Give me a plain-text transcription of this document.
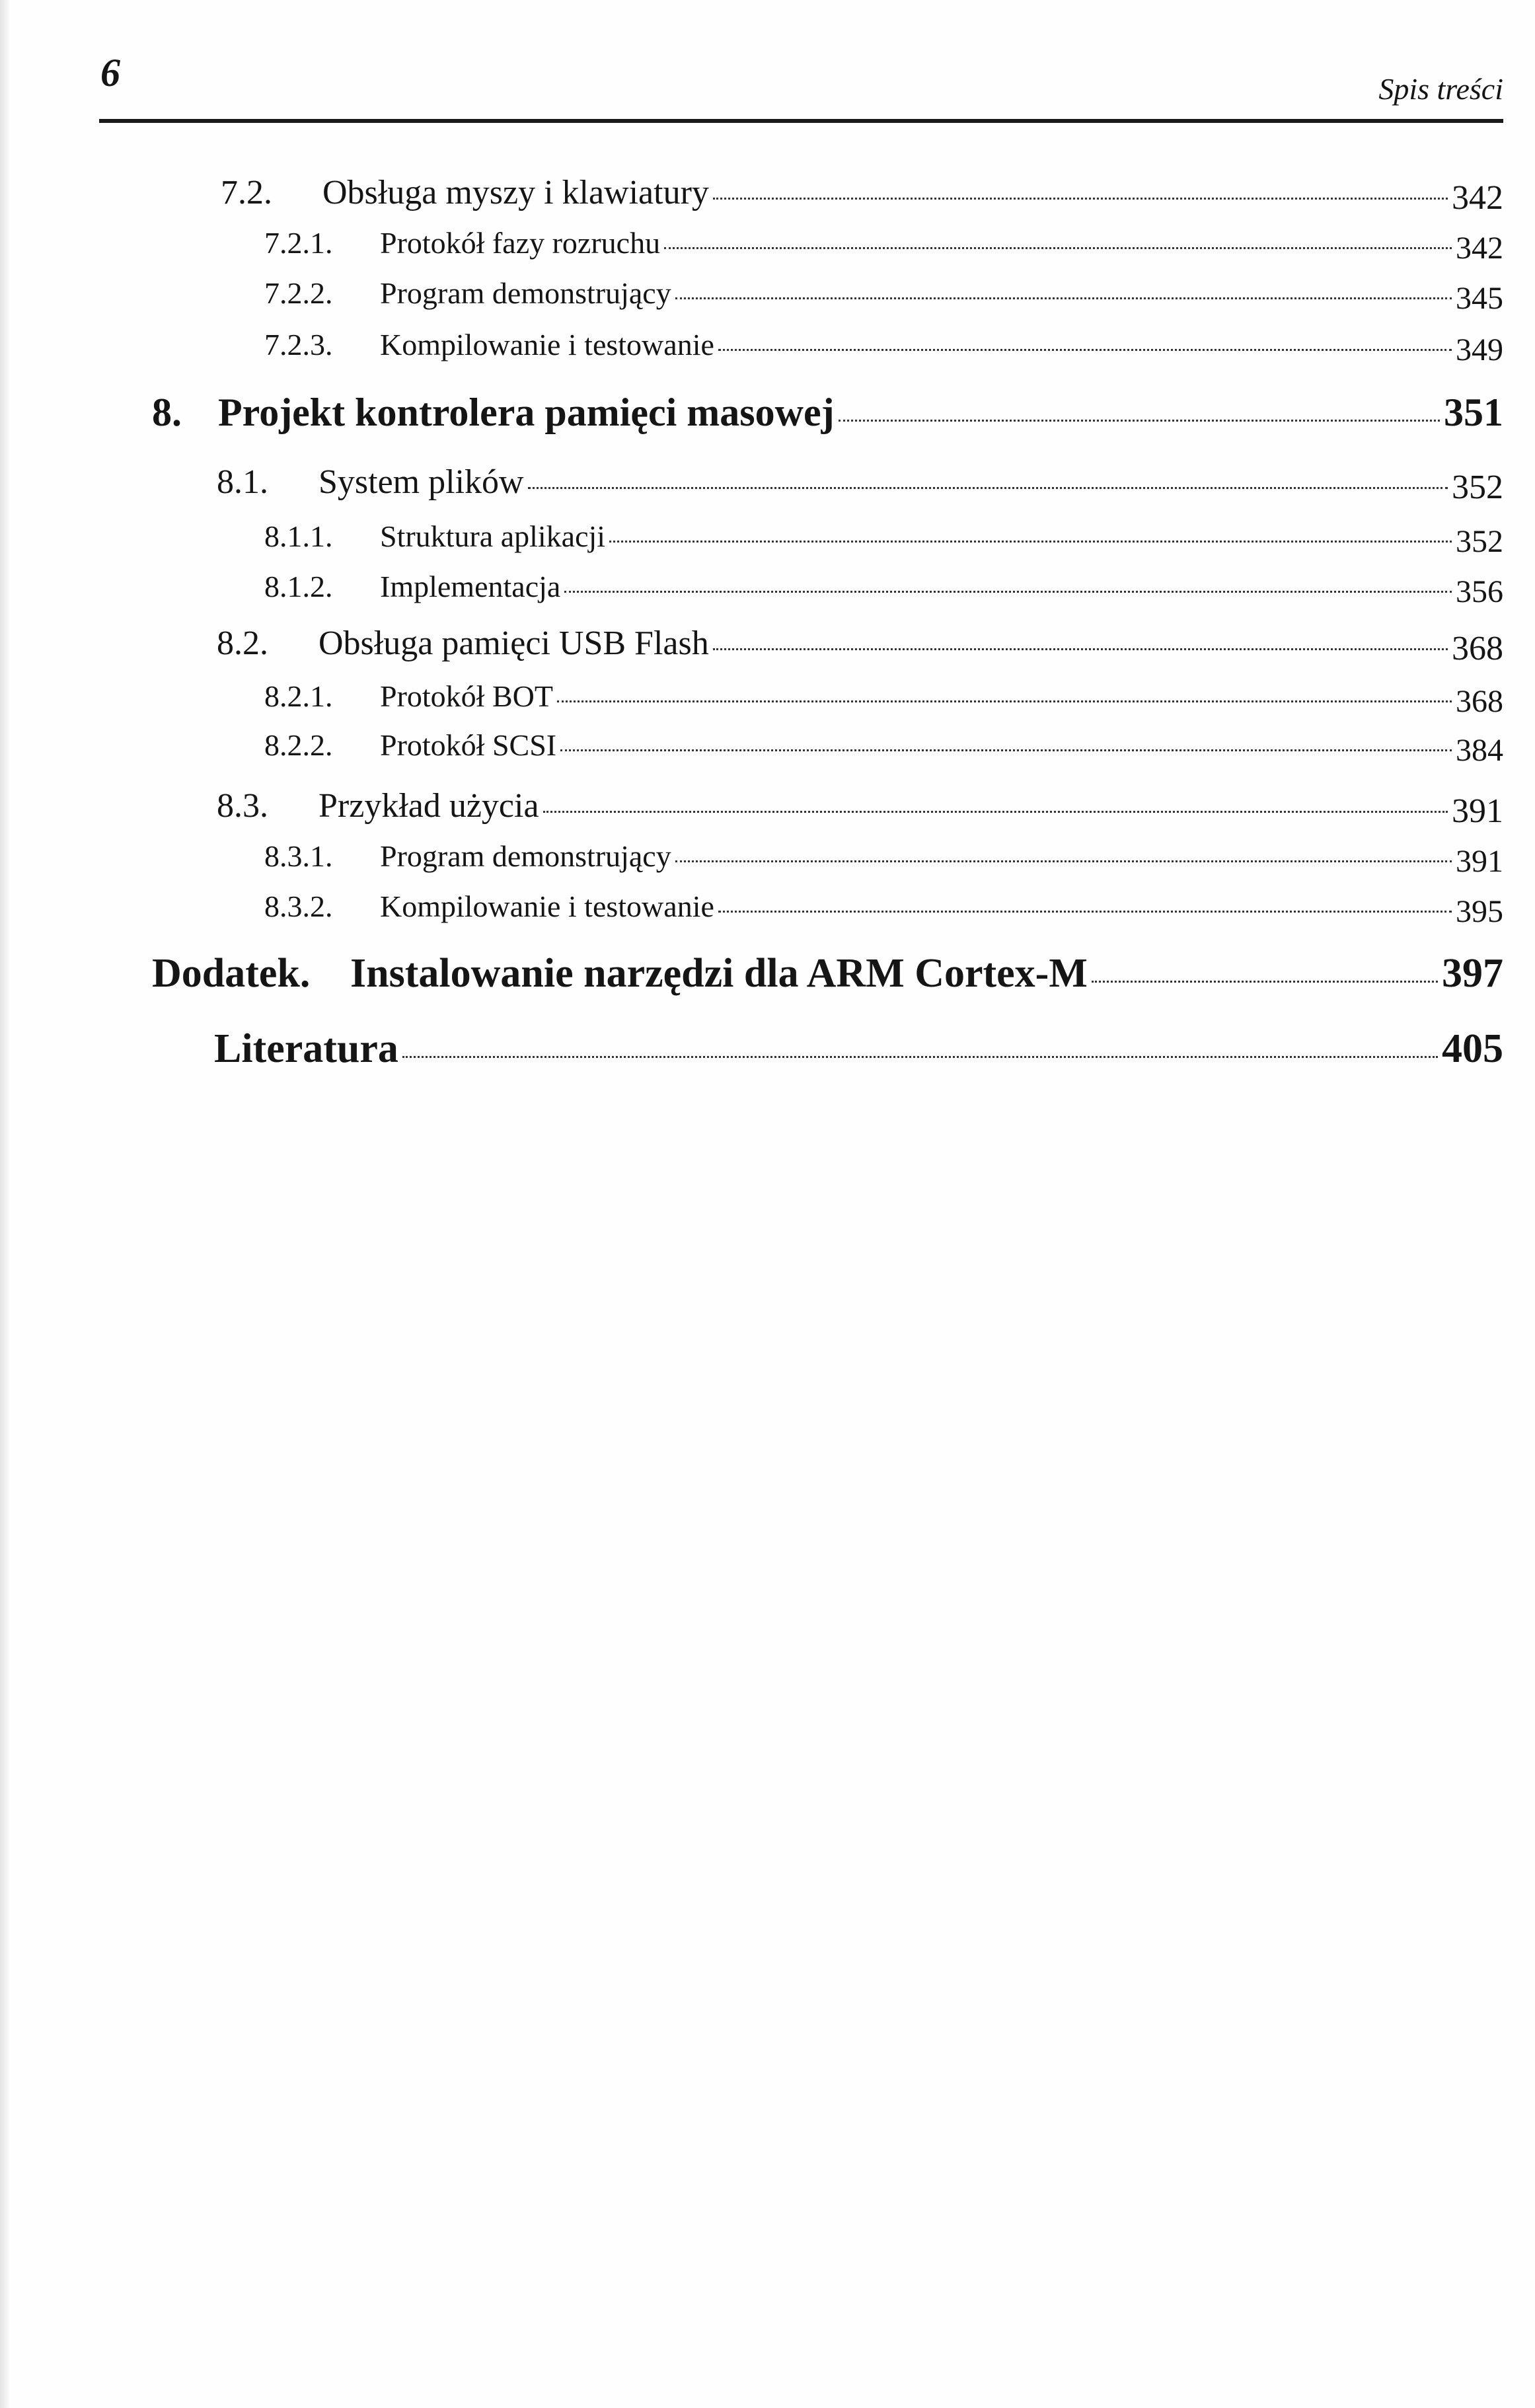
6	Spis treści
7.2.	Obsługa myszy i klawiatury	342
7.2.1.	Protokół fazy rozruchu	342
7.2.2.	Program demonstrujący	345
7.2.3.	Kompilowanie i testowanie	349
8. Projekt kontrolera pamięci masowej	351
8.1.	System plików	352
8.1.1.	Struktura aplikacji	352
8.1.2.	Implementacja	356
8.2.	Obsługa pamięci USB Flash	368
8.2.1.	Protokół BOT	368
8.2.2.	Protokół SCSI	384
8.3.	Przykład użycia	391
8.3.1.	Program demonstrujący	391
8.3.2.	Kompilowanie i testowanie	395
Dodatek. Instalowanie narzędzi dla ARM Cortex-M	397
Literatura	405
